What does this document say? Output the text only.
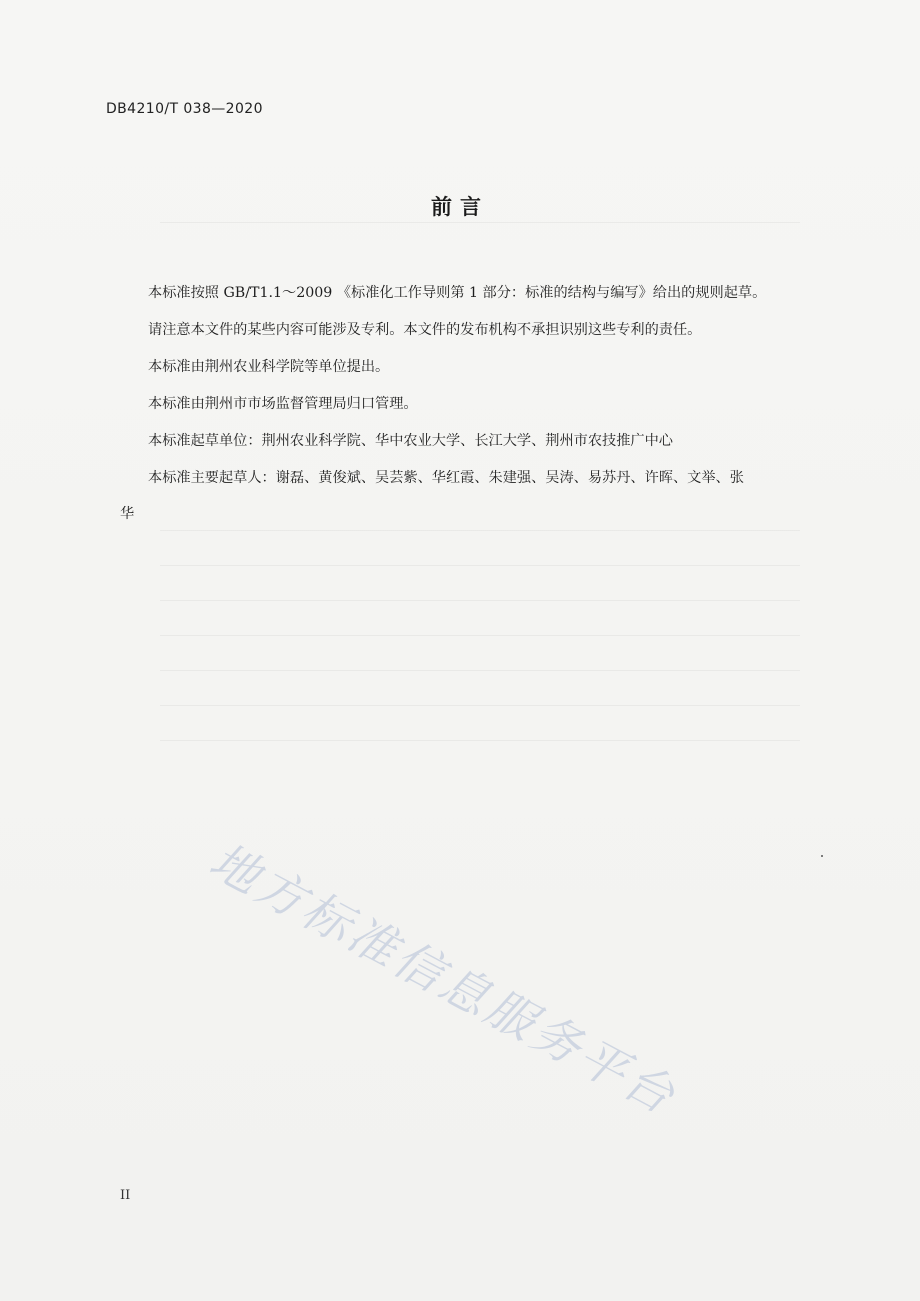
DB4210/T 038—2020
前言
本标准按照 GB/T1.1～2009 《标准化工作导则第 1 部分：标准的结构与编写》给出的规则起草。
请注意本文件的某些内容可能涉及专利。本文件的发布机构不承担识别这些专利的责任。
本标准由荆州农业科学院等单位提出。
本标准由荆州市市场监督管理局归口管理。
本标准起草单位：荆州农业科学院、华中农业大学、长江大学、荆州市农技推广中心
本标准主要起草人：谢磊、黄俊斌、吴芸紫、华红霞、朱建强、吴涛、易苏丹、许晖、文举、张
华
地方标准信息服务平台
II
